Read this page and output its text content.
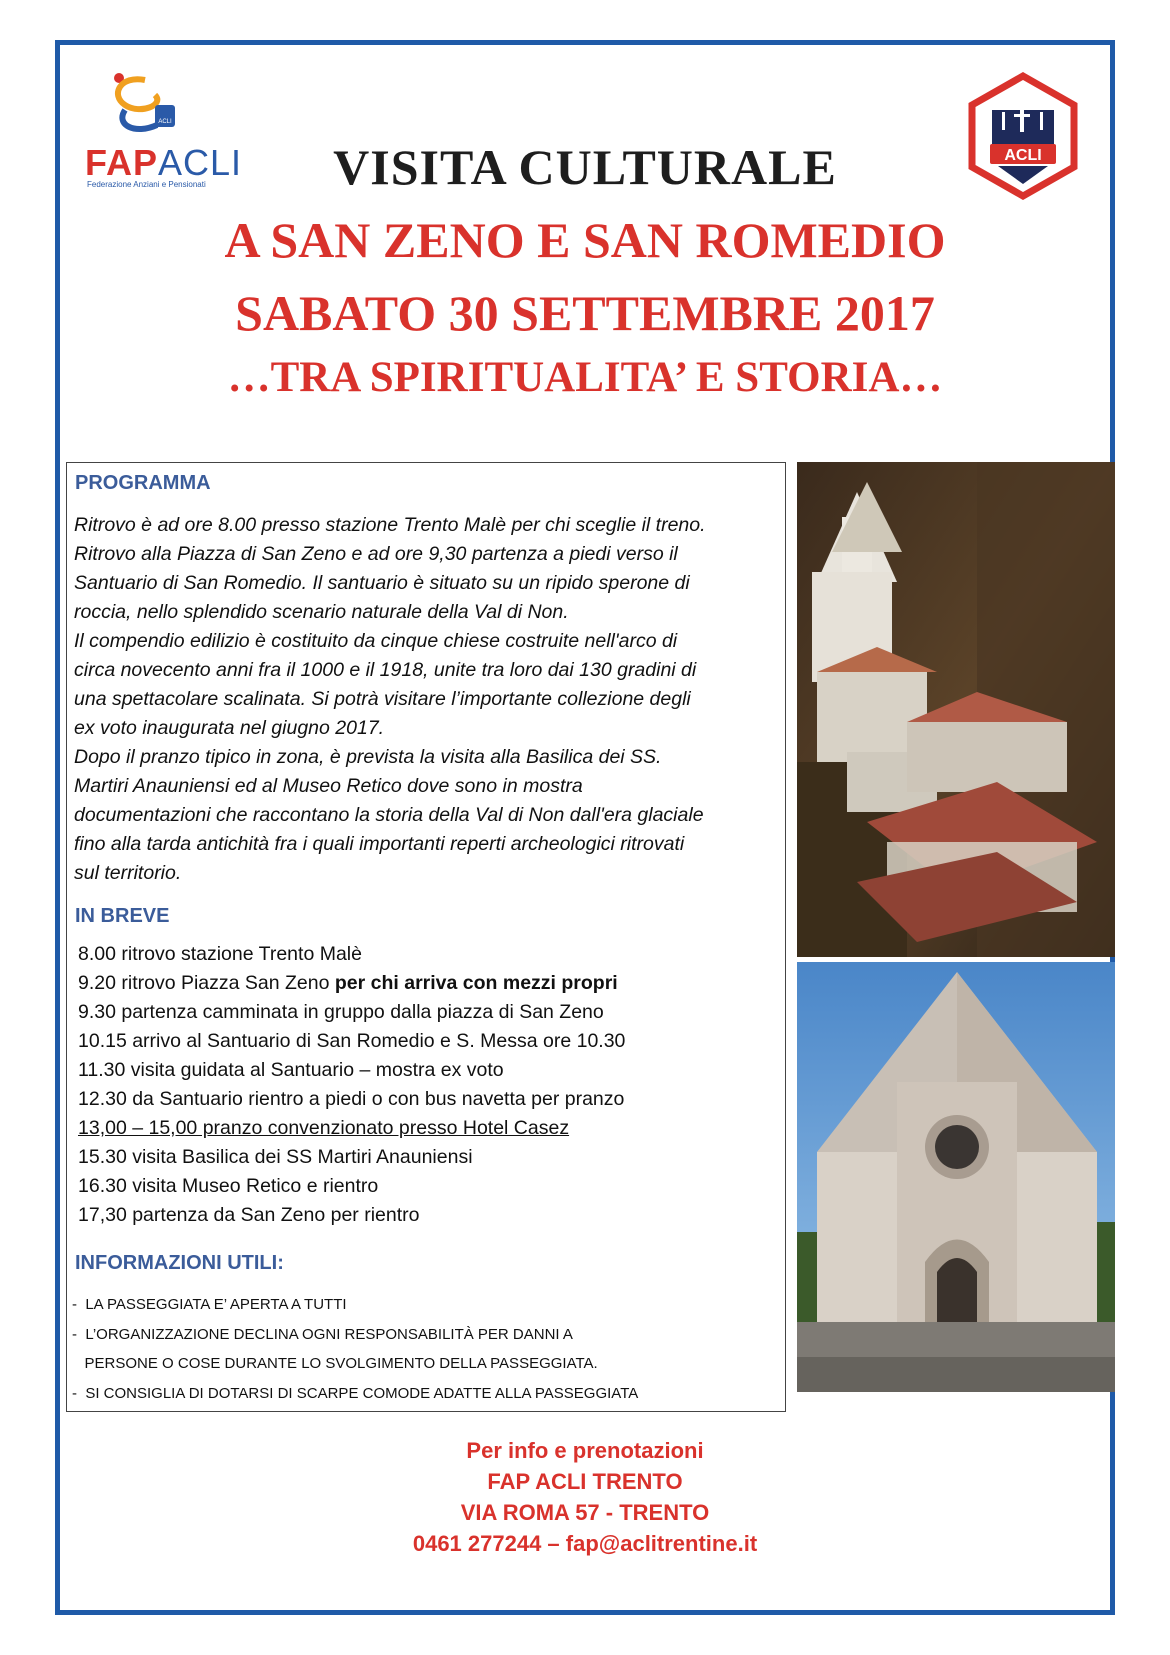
ACLI
FAPACLI
Federazione Anziani e Pensionati
ACLI
VISITA CULTURALE
A SAN ZENO E SAN ROMEDIO
SABATO 30 SETTEMBRE 2017
…TRA SPIRITUALITA’ E STORIA…
PROGRAMMA
Ritrovo è ad ore 8.00 presso stazione Trento Malè per chi sceglie il treno.
Ritrovo alla Piazza di San Zeno e ad ore 9,30 partenza a piedi verso il
Santuario di San Romedio. Il santuario è situato su un ripido sperone di
roccia, nello splendido scenario naturale della Val di Non.
Il compendio edilizio è costituito da cinque chiese costruite nell'arco di
circa novecento anni fra il 1000 e il 1918, unite tra loro dai 130 gradini di
una spettacolare scalinata. Si potrà visitare l’importante collezione degli
ex voto inaugurata nel giugno 2017.
Dopo il pranzo tipico in zona, è prevista la visita alla Basilica dei SS.
Martiri Anauniensi ed al Museo Retico dove sono in mostra
documentazioni che raccontano la storia della Val di Non dall'era glaciale
fino alla tarda antichità fra i quali importanti reperti archeologici ritrovati
sul territorio.
IN BREVE
8.00 ritrovo stazione Trento Malè
9.20 ritrovo Piazza San Zeno per chi arriva con mezzi propri
9.30 partenza camminata in gruppo dalla piazza di San Zeno
10.15 arrivo al Santuario di San Romedio e S. Messa ore 10.30
11.30 visita guidata al Santuario – mostra ex voto
12.30 da Santuario rientro a piedi o con bus navetta per pranzo
13,00 – 15,00 pranzo convenzionato presso Hotel Casez
15.30 visita Basilica dei SS Martiri Anauniensi
16.30 visita Museo Retico e rientro
17,30 partenza da San Zeno per rientro
INFORMAZIONI UTILI:
-  LA PASSEGGIATA E’ APERTA A TUTTI
-  L’ORGANIZZAZIONE DECLINA OGNI RESPONSABILITÀ PER DANNI A
PERSONE O COSE DURANTE LO SVOLGIMENTO DELLA PASSEGGIATA.
-  SI CONSIGLIA DI DOTARSI DI SCARPE COMODE ADATTE ALLA PASSEGGIATA
Per info e prenotazioni
FAP ACLI TRENTO
VIA ROMA 57 - TRENTO
0461 277244 – fap@aclitrentine.it
